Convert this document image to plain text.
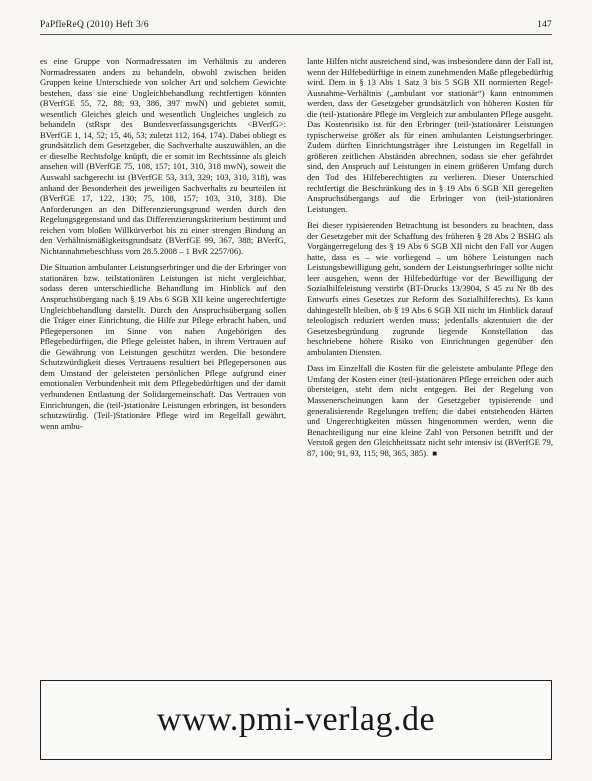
PaPfleReQ (2010) Heft 3/6	147

es eine Gruppe von Normadressaten im Verhältnis zu anderen Normadressaten anders zu behandeln, obwohl zwischen beiden Gruppen keine Unterschiede von solcher Art und solchem Gewichte bestehen, dass sie eine Ungleichbehandlung rechtfertigen könnten (BVerfGE 55, 72, 88; 93, 386, 397 mwN) und gebietet somit, wesentlich Gleiches gleich und wesentlich Ungleiches ungleich zu behandeln (stRspr des Bundesverfassungsgerichts <BVerfG>: BVerfGE 1, 14, 52; 15, 46, 53; zuletzt 112, 164, 174). Dabei obliegt es grundsätzlich dem Gesetzgeber, die Sachverhalte auszuwählen, an die er dieselbe Rechtsfolge knüpft, die er somit im Rechtssinne als gleich ansehen will (BVerfGE 75, 108, 157; 101, 310, 318 mwN), soweit die Auswahl sachgerecht ist (BVerfGE 53, 313, 329; 103, 310, 318), was anhand der Besonderheit des jeweiligen Sachverhalts zu beurteilen ist (BVerfGE 17, 122, 130; 75, 108, 157; 103, 310, 318). Die Anforderungen an den Differenzierungsgrund werden durch den Regelungsgegenstand und das Differenzierungskriterium bestimmt und reichen vom bloßen Willkürverbot bis zu einer strengen Bindung an den Verhältnismäßigkeitsgrundsatz (BVerfGE 99, 367, 388; BVerfG, Nichtannahmebeschluss vom 28.5.2008 – 1 BvR 2257/06).

Die Situation ambulanter Leistungserbringer und die der Erbringer von stationären bzw. teilstationären Leistungen ist nicht vergleichbar, sodass deren unterschiedliche Behandlung im Hinblick auf den Anspruchsübergang nach § 19 Abs 6 SGB XII keine ungerechtfertigte Ungleichbehandlung darstellt. Durch den Anspruchsübergang sollen die Träger einer Einrichtung, die Hilfe zur Pflege erbracht haben, und Pflegepersonen im Sinne von nahen Angehörigen des Pflegebedürftigen, die Pflege geleistet haben, in ihrem Vertrauen auf die Gewährung von Leistungen geschützt werden. Die besondere Schutzwürdigkeit dieses Vertrauens resultiert bei Pflegepersonen aus dem Umstand der geleisteten persönlichen Pflege aufgrund einer emotionalen Verbundenheit mit dem Pflegebedürftigen und der damit verbundenen Entlastung der Solidargemeinschaft. Das Vertrauen von Einrichtungen, die (teil-)stationäre Leistungen erbringen, ist besonders schutzwürdig. (Teil-)Stationäre Pflege wird im Regelfall gewährt, wenn ambu-

lante Hilfen nicht ausreichend sind, was insbesondere dann der Fall ist, wenn der Hilfebedürftige in einem zunehmenden Maße pflegebedürftig wird. Dem in § 13 Abs 1 Satz 3 bis 5 SGB XII normierten Regel-Ausnahme-Verhältnis („ambulant vor stationär“) kann entnommen werden, dass der Gesetzgeber grundsätzlich von höheren Kosten für die (teil-)stationäre Pflege im Vergleich zur ambulanten Pflege ausgeht. Das Kostenrisiko ist für den Erbringer (teil-)stationärer Leistungen typischerweise größer als für einen ambulanten Leistungserbringer. Zudem dürften Einrichtungsträger ihre Leistungen im Regelfall in größeren zeitlichen Abständen abrechnen, sodass sie eher gefährdet sind, den Anspruch auf Leistungen in einem größeren Umfang durch den Tod des Hilfeberechtigten zu verlieren. Dieser Unterschied rechtfertigt die Beschränkung des in § 19 Abs 6 SGB XII geregelten Anspruchsübergangs auf die Erbringer von (teil-)stationären Leistungen.

Bei dieser typisierenden Betrachtung ist besonders zu beachten, dass der Gesetzgeber mit der Schaffung des früheren § 28 Abs 2 BSHG als Vorgängerregelung des § 19 Abs 6 SGB XII nicht den Fall vor Augen hatte, dass es – wie vorliegend – um höhere Leistungen nach Leistungsbewilligung geht, sondern der Leistungserbringer sollte nicht leer ausgehen, wenn der Hilfebedürftige vor der Bewilligung der Sozialhilfeleistung verstirbt (BT-Drucks 13/3904, S 45 zu Nr 8b des Entwurfs eines Gesetzes zur Reform des Sozialhilferechts). Es kann dahingestellt bleiben, ob § 19 Abs 6 SGB XII nicht im Hinblick darauf teleologisch reduziert werden muss; jedenfalls akzentuiert die der Gesetzesbegründung zugrunde liegende Konstellation das beschriebene höhere Risiko von Einrichtungen gegenüber den ambulanten Diensten.

Dass im Einzelfall die Kosten für die geleistete ambulante Pflege den Umfang der Kosten einer (teil-)stationären Pflege erreichen oder auch übersteigen, steht dem nicht entgegen. Bei der Regelung von Massenerscheinungen kann der Gesetzgeber typisierende und generalisierende Regelungen treffen; die dabei entstehenden Härten und Ungerechtigkeiten müssen hingenommen werden, wenn die Benachteiligung nur eine kleine Zahl von Personen betrifft und der Verstoß gegen den Gleichheitssatz nicht sehr intensiv ist (BVerfGE 79, 87, 100; 91, 93, 115; 98, 365, 385). ■

www.pmi-verlag.de
